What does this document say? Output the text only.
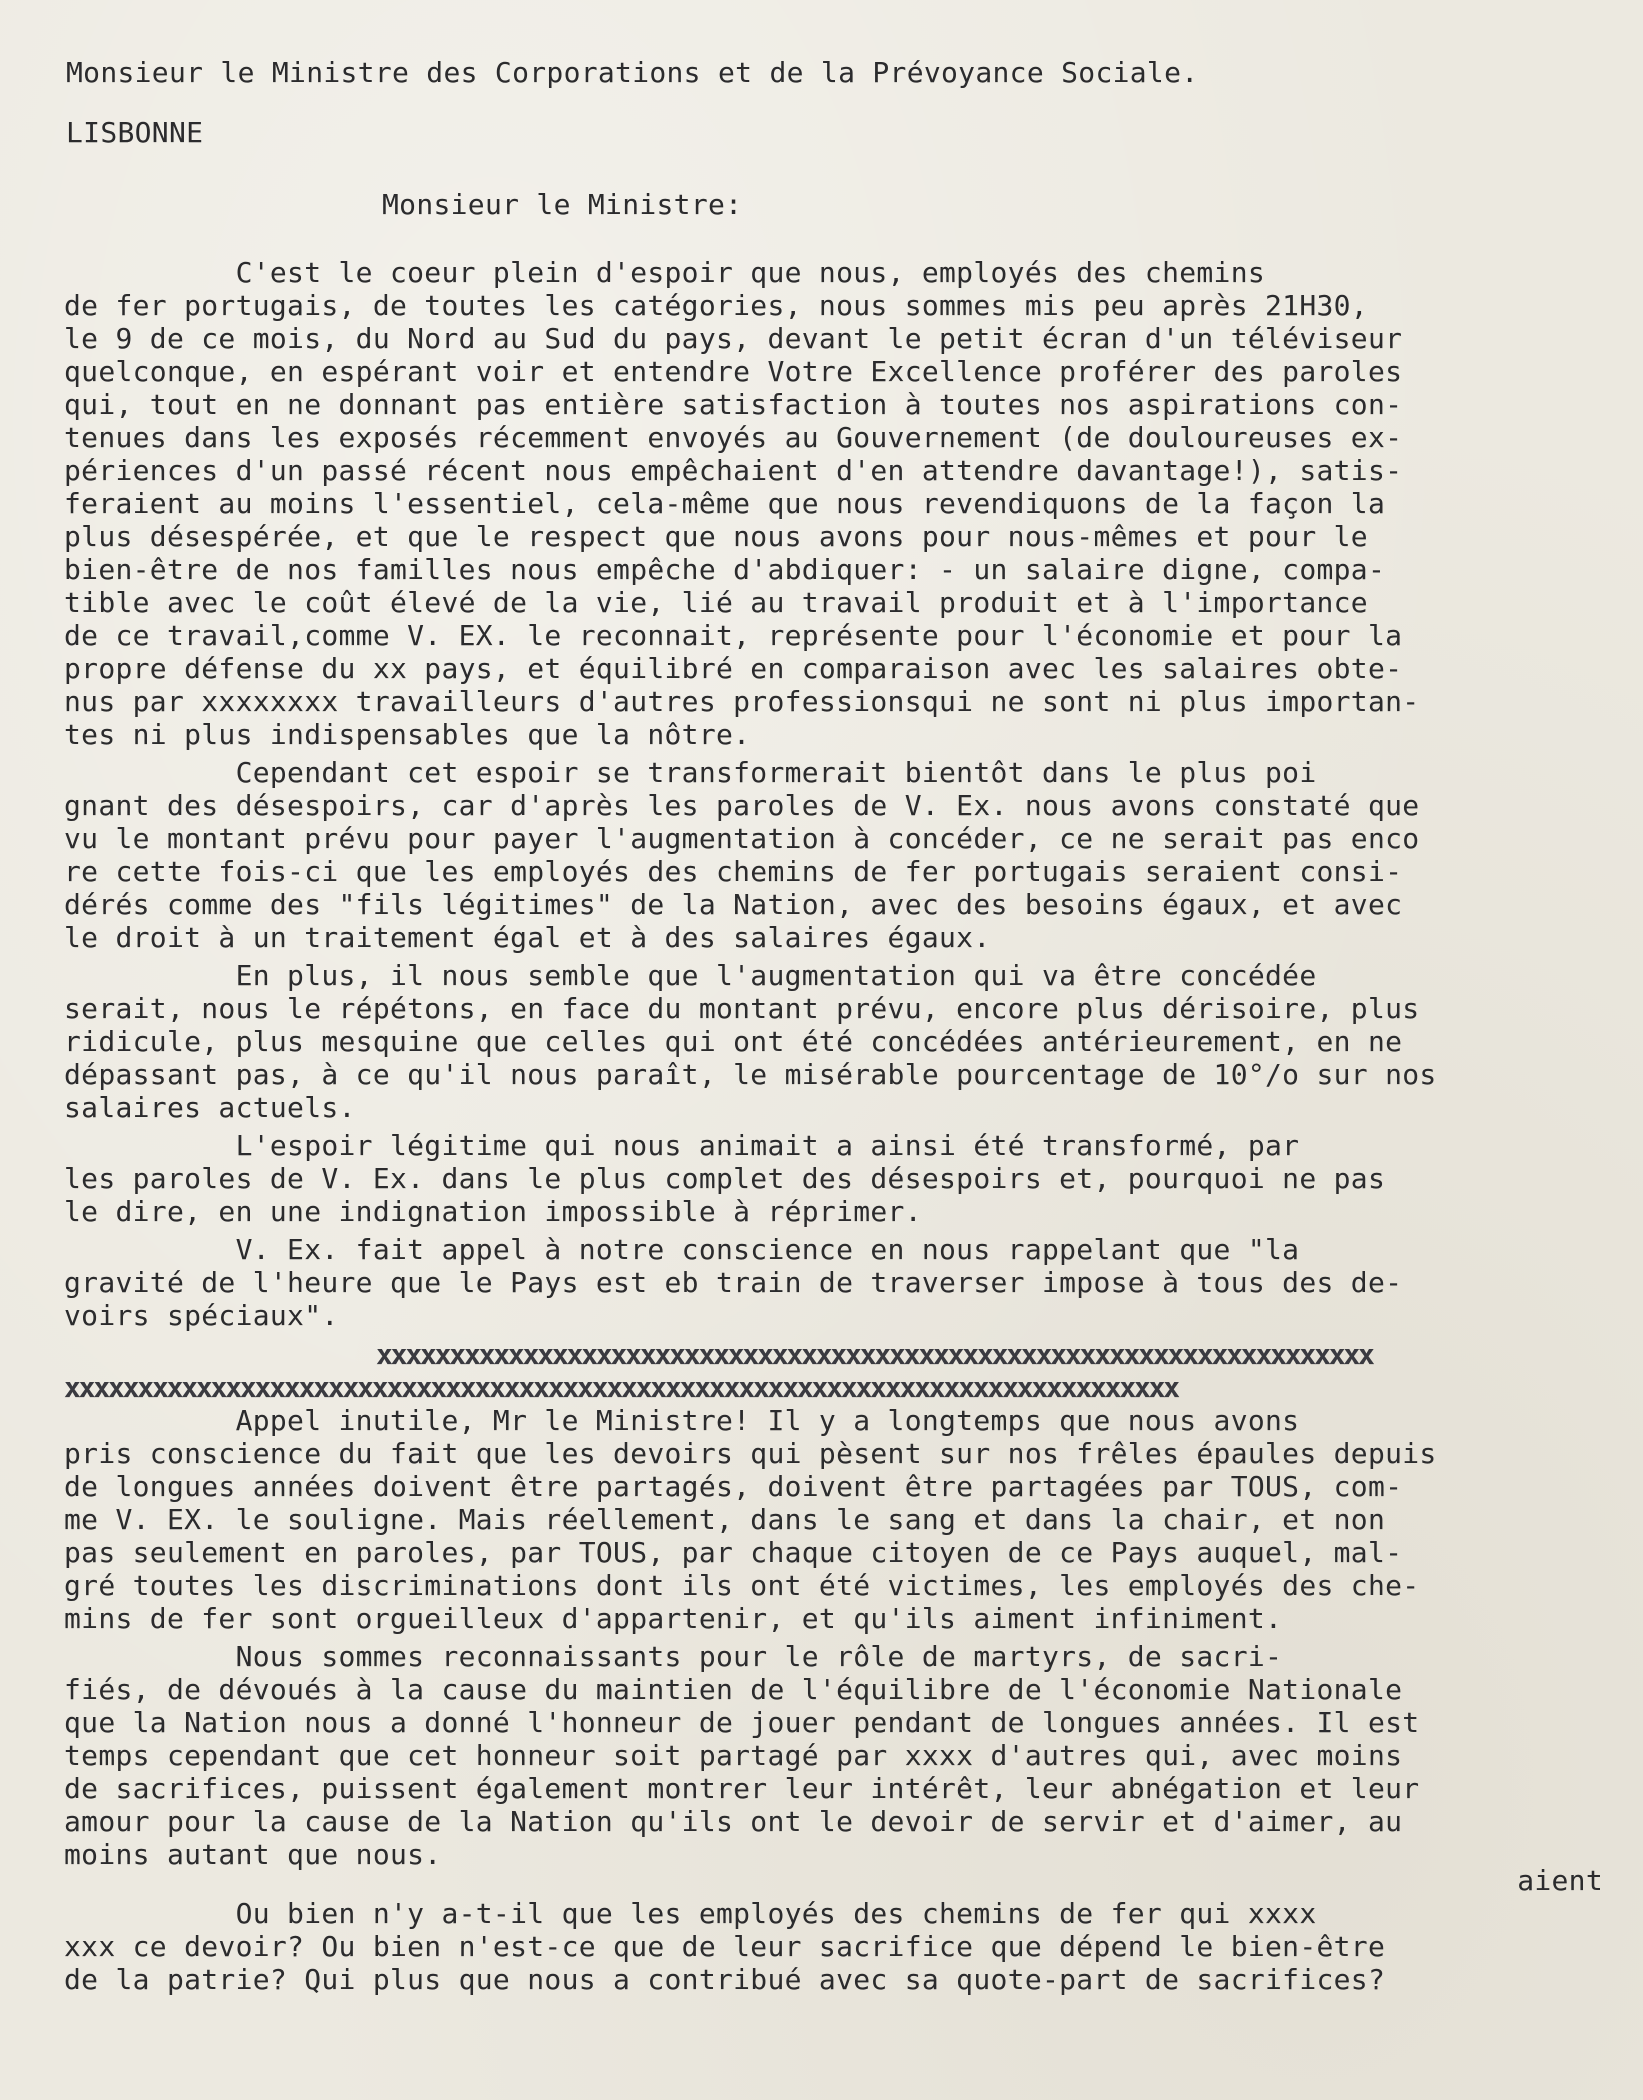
Monsieur le Ministre des Corporations et de la Prévoyance Sociale.
LISBONNE
Monsieur le Ministre:
C'est le coeur plein d'espoir que nous, employés des chemins
de fer portugais, de toutes les catégories, nous sommes mis peu après 21H30,
le 9 de ce mois, du Nord au Sud du pays, devant le petit écran d'un téléviseur
quelconque, en espérant voir et entendre Votre Excellence proférer des paroles
qui, tout en ne donnant pas entière satisfaction à toutes nos aspirations con-
tenues dans les exposés récemment envoyés au Gouvernement (de douloureuses ex-
périences d'un passé récent nous empêchaient d'en attendre davantage!), satis-
feraient au moins l'essentiel, cela-même que nous revendiquons de la façon la
plus désespérée, et que le respect que nous avons pour nous-mêmes et pour le
bien-être de nos familles nous empêche d'abdiquer: - un salaire digne, compa-
tible avec le coût élevé de la vie, lié au travail produit et à l'importance
de ce travail,comme V. EX. le reconnait, représente pour l'économie et pour la
propre défense du xx pays, et équilibré en comparaison avec les salaires obte-
nus par xxxxxxxx travailleurs d'autres professionsqui ne sont ni plus importan-
tes ni plus indispensables que la nôtre.
Cependant cet espoir se transformerait bientôt dans le plus poi
gnant des désespoirs, car d'après les paroles de V. Ex. nous avons constaté que
vu le montant prévu pour payer l'augmentation à concéder, ce ne serait pas enco
re cette fois-ci que les employés des chemins de fer portugais seraient consi-
dérés comme des "fils légitimes" de la Nation, avec des besoins égaux, et avec
le droit à un traitement égal et à des salaires égaux.
En plus, il nous semble que l'augmentation qui va être concédée
serait, nous le répétons, en face du montant prévu, encore plus dérisoire, plus
ridicule, plus mesquine que celles qui ont été concédées antérieurement, en ne
dépassant pas, à ce qu'il nous paraît, le misérable pourcentage de 10°/o sur nos
salaires actuels.
L'espoir légitime qui nous animait a ainsi été transformé, par
les paroles de V. Ex. dans le plus complet des désespoirs et, pourquoi ne pas
le dire, en une indignation impossible à réprimer.
V. Ex. fait appel à notre conscience en nous rappelant que "la
gravité de l'heure que le Pays est eb train de traverser impose à tous des de-
voirs spéciaux".
xxxxxxxxxxxxxxxxxxxxxxxxxxxxxxxxxxxxxxxxxxxxxxxxxxxxxxxxxxxxxxxxxxxx
xxxxxxxxxxxxxxxxxxxxxxxxxxxxxxxxxxxxxxxxxxxxxxxxxxxxxxxxxxxxxxxxxxxxxxxxxxxx
Appel inutile, Mr le Ministre! Il y a longtemps que nous avons
pris conscience du fait que les devoirs qui pèsent sur nos frêles épaules depuis
de longues années doivent être partagés, doivent être partagées par TOUS, com-
me V. EX. le souligne. Mais réellement, dans le sang et dans la chair, et non
pas seulement en paroles, par TOUS, par chaque citoyen de ce Pays auquel, mal-
gré toutes les discriminations dont ils ont été victimes, les employés des che-
mins de fer sont orgueilleux d'appartenir, et qu'ils aiment infiniment.
Nous sommes reconnaissants pour le rôle de martyrs, de sacri-
fiés, de dévoués à la cause du maintien de l'équilibre de l'économie Nationale
que la Nation nous a donné l'honneur de jouer pendant de longues années. Il est
temps cependant que cet honneur soit partagé par xxxx d'autres qui, avec moins
de sacrifices, puissent également montrer leur intérêt, leur abnégation et leur
amour pour la cause de la Nation qu'ils ont le devoir de servir et d'aimer, au
moins autant que nous.
aient
Ou bien n'y a-t-il que les employés des chemins de fer qui xxxx
xxx ce devoir? Ou bien n'est-ce que de leur sacrifice que dépend le bien-être
de la patrie? Qui plus que nous a contribué avec sa quote-part de sacrifices?
